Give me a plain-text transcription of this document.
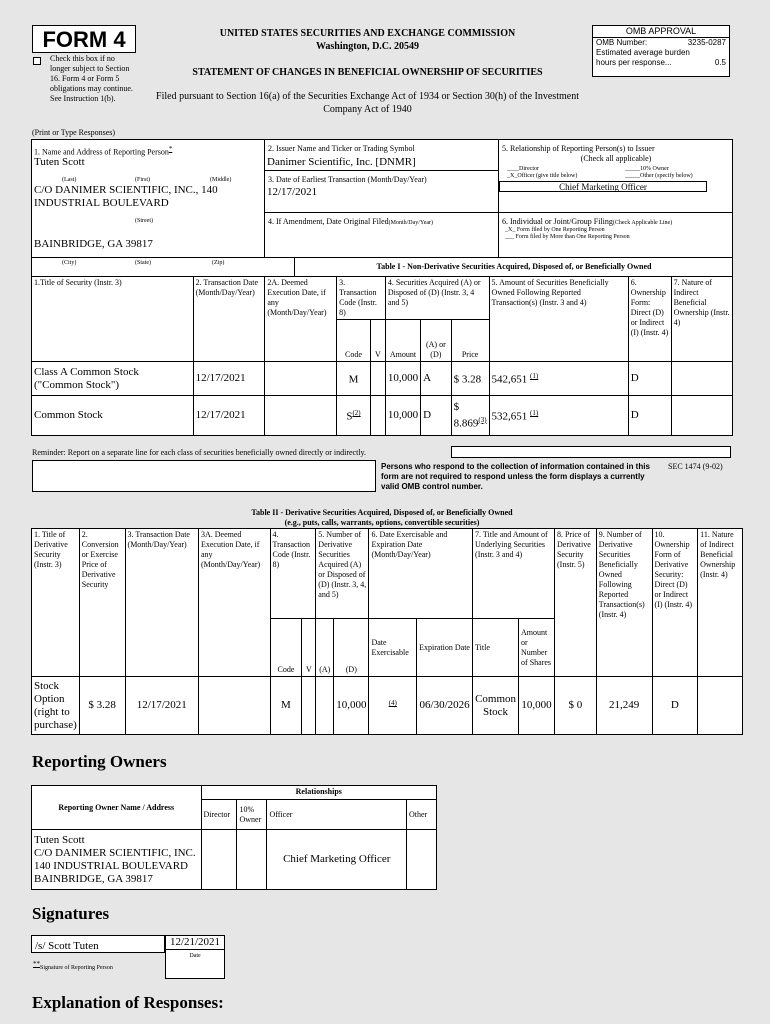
FORM 4
Check this box if no longer subject to Section 16. Form 4 or Form 5 obligations may continue. See Instruction 1(b).
UNITED STATES SECURITIES AND EXCHANGE COMMISSION
Washington, D.C. 20549
STATEMENT OF CHANGES IN BENEFICIAL OWNERSHIP OF SECURITIES
Filed pursuant to Section 16(a) of the Securities Exchange Act of 1934 or Section 30(h) of the Investment Company Act of 1940
OMB APPROVAL
OMB Number:	3235-0287
Estimated average burden hours per response...	0.5
(Print or Type Responses)
1. Name and Address of Reporting Person*
Tuten Scott
(Last)	(First)	(Middle)
C/O DANIMER SCIENTIFIC, INC., 140 INDUSTRIAL BOULEVARD
(Street)
BAINBRIDGE, GA 39817
2. Issuer Name and Ticker or Trading Symbol
Danimer Scientific, Inc. [DNMR]
3. Date of Earliest Transaction (Month/Day/Year)
12/17/2021
4. If Amendment, Date Original Filed(Month/Day/Year)
5. Relationship of Reporting Person(s) to Issuer
(Check all applicable)
____Director	_____10% Owner
_X_Officer (give title below)	_____Other (specify below)
Chief Marketing Officer
6. Individual or Joint/Group Filing(Check Applicable Line)
_X_ Form filed by One Reporting Person
___ Form filed by More than One Reporting Person
(City)	(State)	(Zip)	Table I - Non-Derivative Securities Acquired, Disposed of, or Beneficially Owned
1.Title of Security (Instr. 3)	2. Transaction Date (Month/Day/Year)	2A. Deemed Execution Date, if any (Month/Day/Year)	3. Transaction Code (Instr. 8)		4. Securities Acquired (A) or Disposed of (D) (Instr. 3, 4 and 5)			5. Amount of Securities Beneficially Owned Following Reported Transaction(s) (Instr. 3 and 4)	6. Ownership Form: Direct (D) or Indirect (I) (Instr. 4)	7. Nature of Indirect Beneficial Ownership (Instr. 4)
			Code	V	Amount	(A) or (D)	Price			
Class A Common Stock ("Common Stock")	12/17/2021		M		10,000	A	$ 3.28	542,651 $^{(1)}$	D	
Common Stock	12/17/2021		$S^{(2)}$		10,000	D	$ 8.869$^{(3)}$	532,651 $^{(1)}$	D	
Reminder: Report on a separate line for each class of securities beneficially owned directly or indirectly.
Persons who respond to the collection of information contained in this form are not required to respond unless the form displays a currently valid OMB control number.
SEC 1474 (9-02)
Table II - Derivative Securities Acquired, Disposed of, or Beneficially Owned
(e.g., puts, calls, warrants, options, convertible securities)
1. Title of Derivative Security (Instr. 3)	2. Conversion or Exercise Price of Derivative Security	3. Transaction Date (Month/Day/Year)	3A. Deemed Execution Date, if any (Month/Day/Year)	4. Transaction Code (Instr. 8)		5. Number of Derivative Securities Acquired (A) or Disposed of (D) (Instr. 3, 4, and 5)		6. Date Exercisable and Expiration Date (Month/Day/Year)		7. Title and Amount of Underlying Securities (Instr. 3 and 4)		8. Price of Derivative Security (Instr. 5)	9. Number of Derivative Securities Beneficially Owned Following Reported Transaction(s) (Instr. 4)	10. Ownership Form of Derivative Security: Direct (D) or Indirect (I) (Instr. 4)	11. Nature of Indirect Beneficial Ownership (Instr. 4)
				Code	V	(A)	(D)	Date Exercisable	Expiration Date	Title	Amount or Number of Shares				
Stock Option (right to purchase)	$ 3.28	12/17/2021		M			10,000	$^{(4)}$	06/30/2026	Common Stock	10,000	$ 0	21,249	D	
Reporting Owners
Reporting Owner Name / Address	Relationships			
	Director	10% Owner	Officer	Other

Tuten Scott
C/O DANIMER SCIENTIFIC, INC.
140 INDUSTRIAL BOULEVARD
BAINBRIDGE, GA 39817			Chief Marketing Officer	
Signatures
/s/ Scott Tuten
**Signature of Reporting Person
12/21/2021
Date
Explanation of Responses:
